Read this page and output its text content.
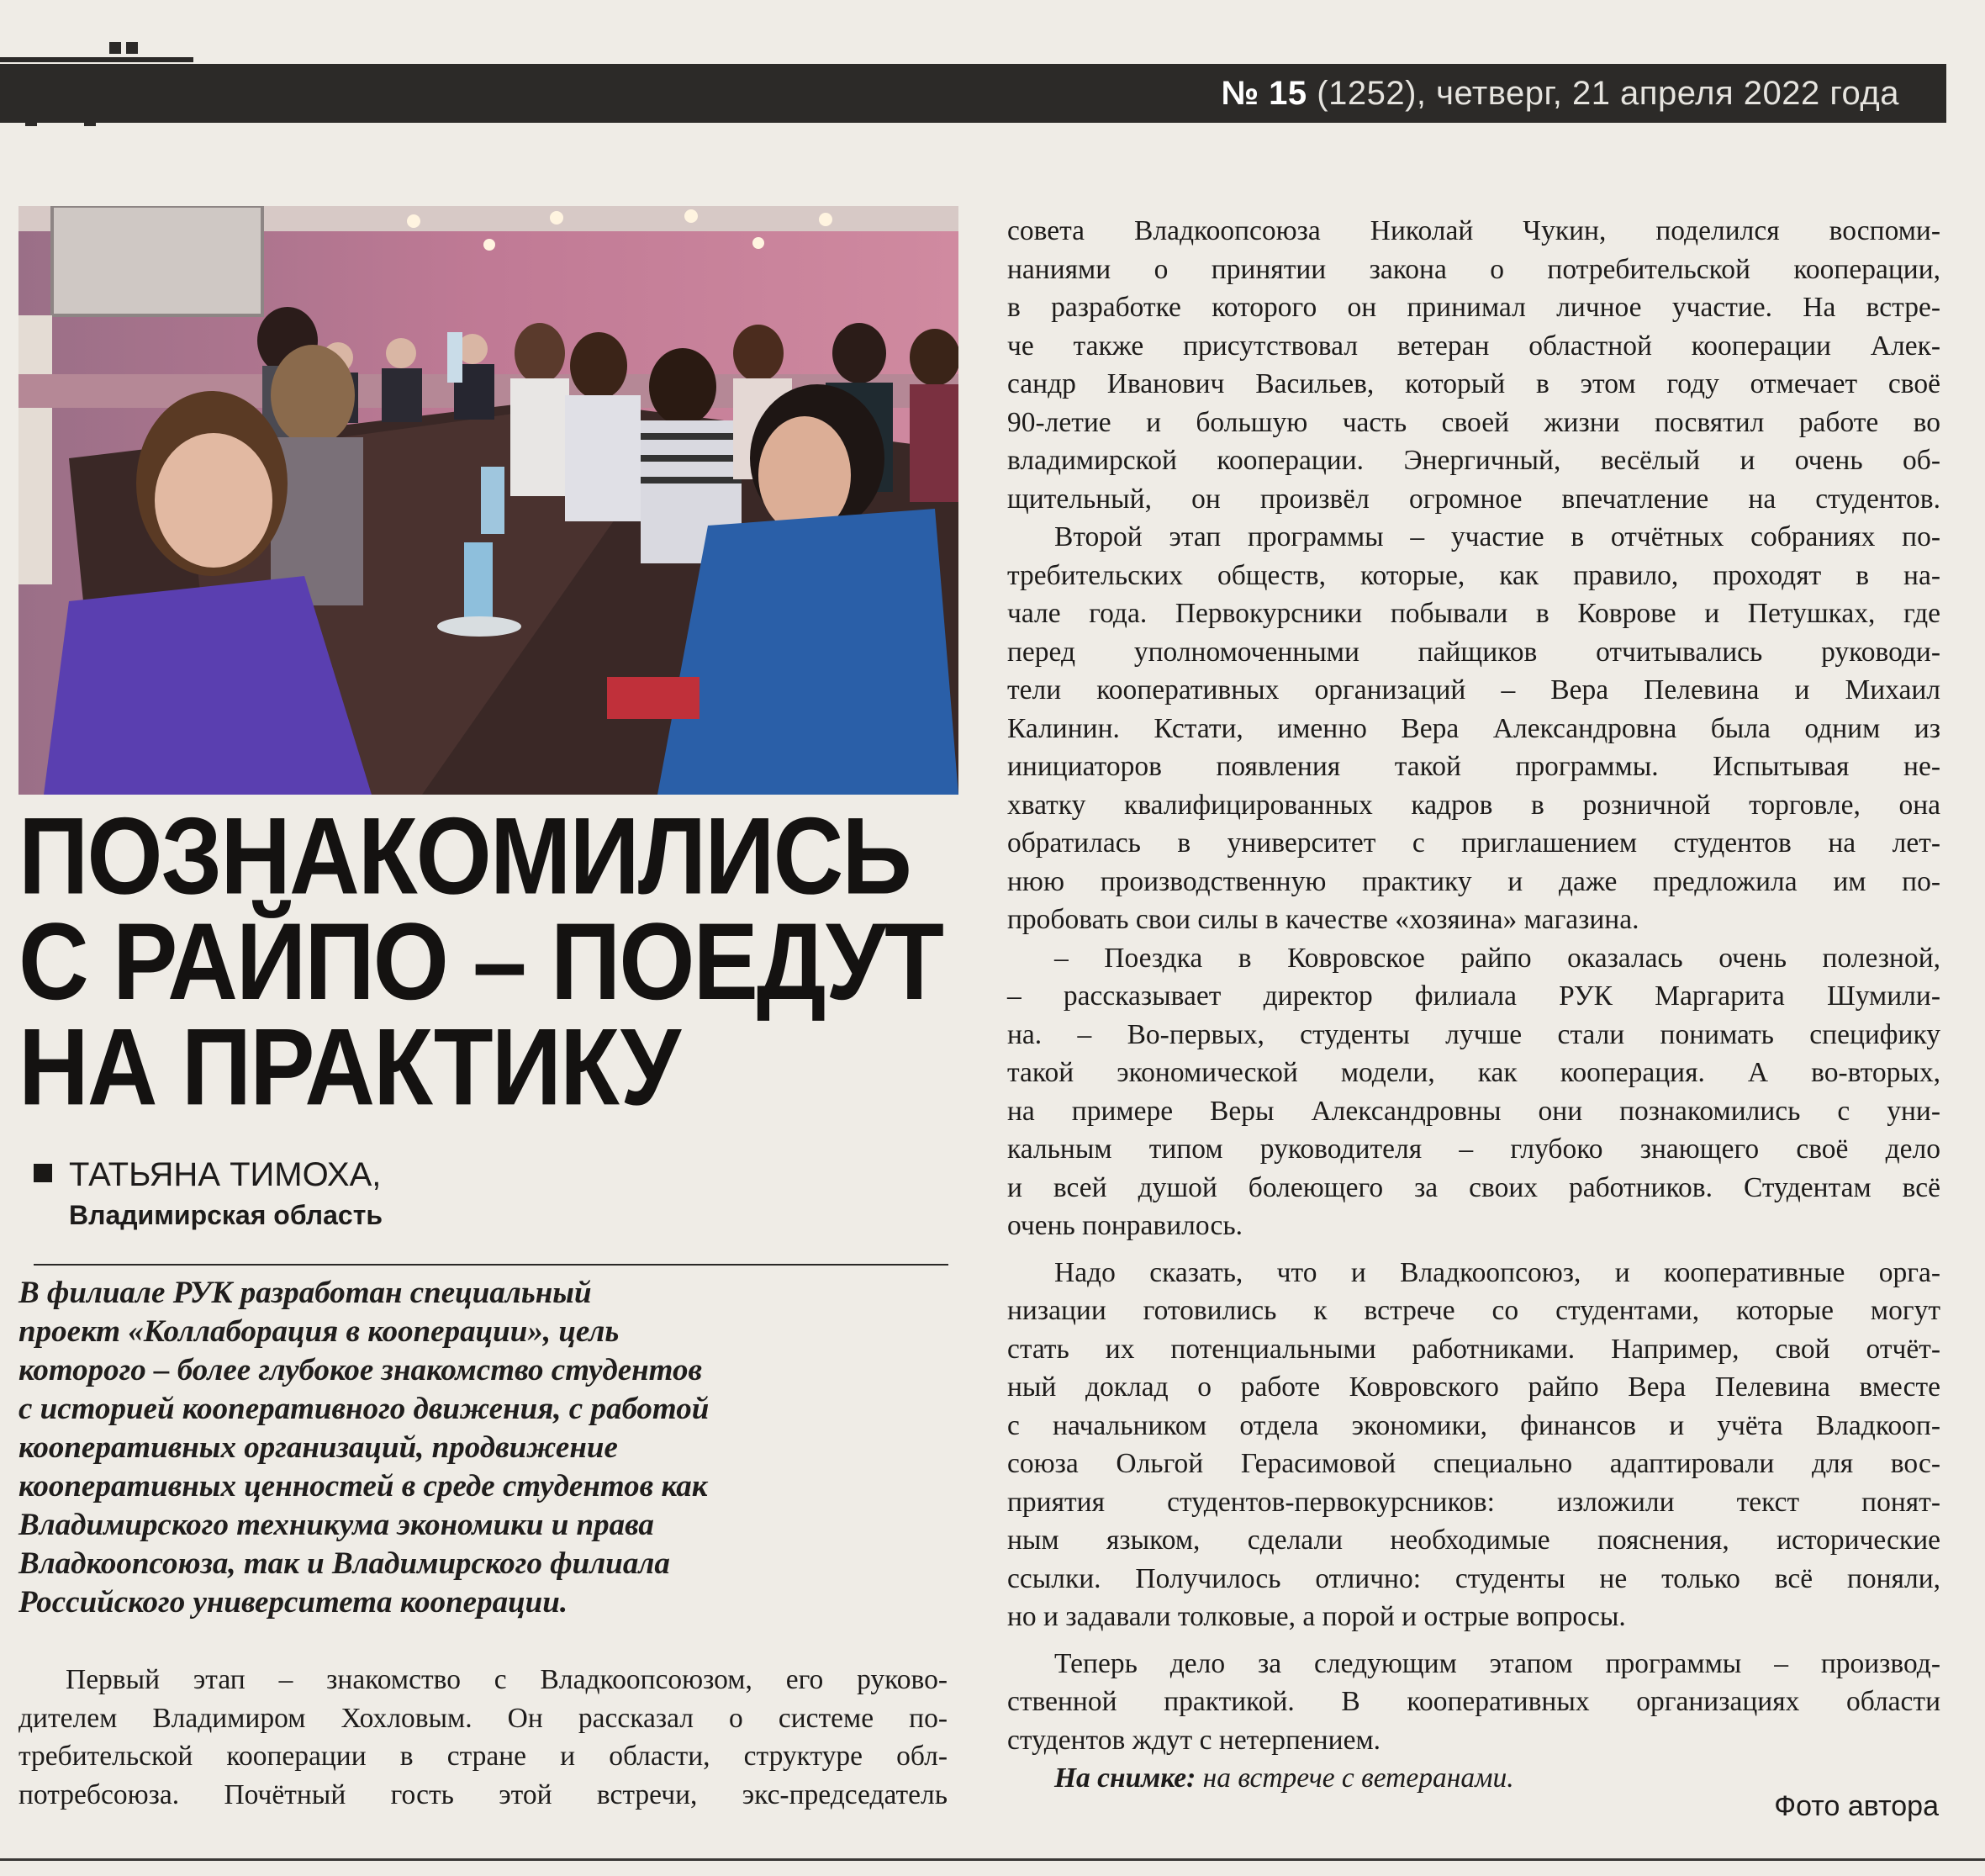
№ 15 (1252), четверг, 21 апреля 2022 года
ПОЗНАКОМИЛИСЬ
С РАЙПО – ПОЕДУТ
НА ПРАКТИКУ
ТАТЬЯНА ТИМОХА,
Владимирская область
В филиале РУК разработан специальный
проект «Коллаборация в кооперации», цель
которого – более глубокое знакомство студентов
с историей кооперативного движения, с работой
кооперативных организаций, продвижение
кооперативных ценностей в среде студентов как
Владимирского техникума экономики и права
Владкоопсоюза, так и Владимирского филиала
Российского университета кооперации.
Первый этап – знакомство с Владкоопсоюзом, его руково-
дителем Владимиром Хохловым. Он рассказал о системе по-
требительской кооперации в стране и области, структуре обл-
потребсоюза. Почётный гость этой встречи, экс-председатель
совета Владкоопсоюза Николай Чукин, поделился воспоми-
наниями о принятии закона о потребительской кооперации,
в разработке которого он принимал личное участие. На встре-
че также присутствовал ветеран областной кооперации Алек-
сандр Иванович Васильев, который в этом году отмечает своё
90-летие и большую часть своей жизни посвятил работе во
владимирской кооперации. Энергичный, весёлый и очень об-
щительный, он произвёл огромное впечатление на студентов.
Второй этап программы – участие в отчётных собраниях по-
требительских обществ, которые, как правило, проходят в на-
чале года. Первокурсники побывали в Коврове и Петушках, где
перед уполномоченными пайщиков отчитывались руководи-
тели кооперативных организаций – Вера Пелевина и Михаил
Калинин. Кстати, именно Вера Александровна была одним из
инициаторов появления такой программы. Испытывая не-
хватку квалифицированных кадров в розничной торговле, она
обратилась в университет с приглашением студентов на лет-
нюю производственную практику и даже предложила им по-
пробовать свои силы в качестве «хозяина» магазина.
– Поездка в Ковровское райпо оказалась очень полезной,
– рассказывает директор филиала РУК Маргарита Шумили-
на. – Во-первых, студенты лучше стали понимать специфику
такой экономической модели, как кооперация. А во-вторых,
на примере Веры Александровны они познакомились с уни-
кальным типом руководителя – глубоко знающего своё дело
и всей душой болеющего за своих работников. Студентам всё
очень понравилось.
Надо сказать, что и Владкоопсоюз, и кооперативные орга-
низации готовились к встрече со студентами, которые могут
стать их потенциальными работниками. Например, свой отчёт-
ный доклад о работе Ковровского райпо Вера Пелевина вместе
с начальником отдела экономики, финансов и учёта Владкооп-
союза Ольгой Герасимовой специально адаптировали для вос-
приятия студентов-первокурсников: изложили текст понят-
ным языком, сделали необходимые пояснения, исторические
ссылки. Получилось отлично: студенты не только всё поняли,
но и задавали толковые, а порой и острые вопросы.
Теперь дело за следующим этапом программы – производ-
ственной практикой. В кооперативных организациях области
студентов ждут с нетерпением.
На снимке: на встрече с ветеранами.
Фото автора
